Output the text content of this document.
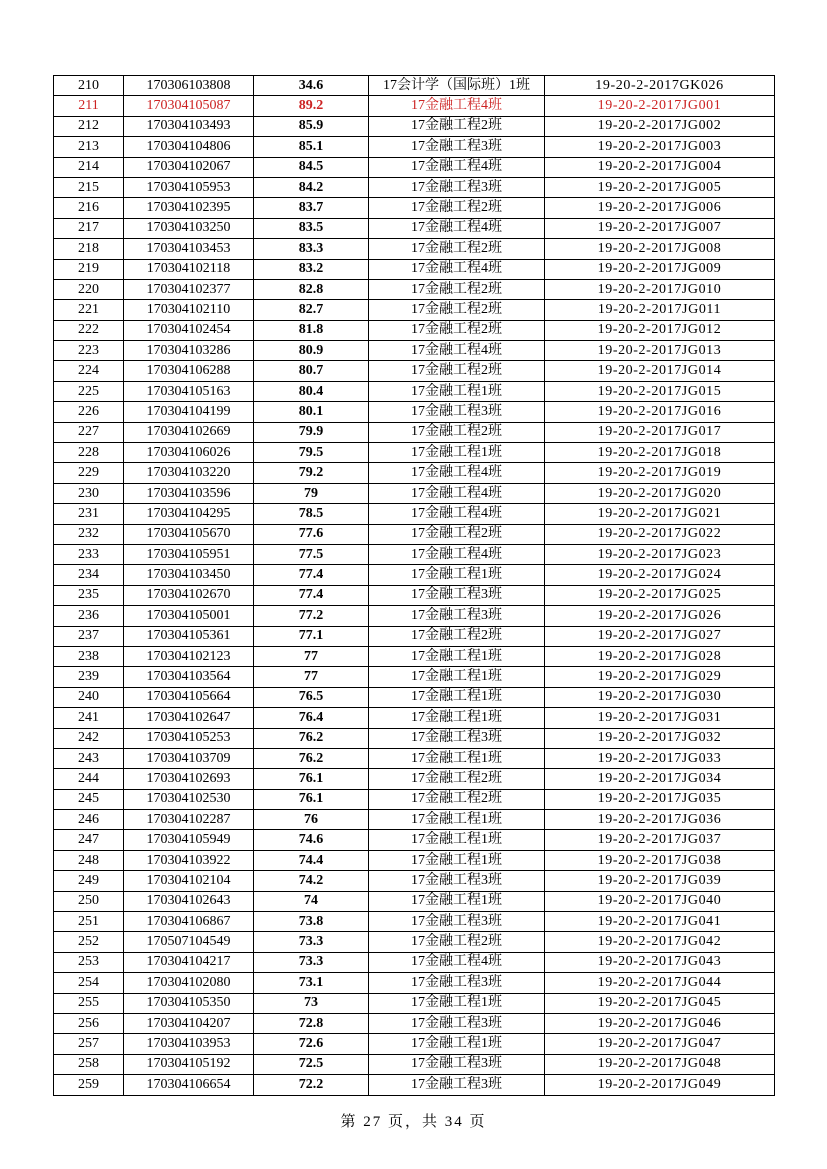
210	170306103808	34.6	17会计学（国际班）1班	19-20-2-2017GK026
211	170304105087	89.2	17金融工程4班	19-20-2-2017JG001
212	170304103493	85.9	17金融工程2班	19-20-2-2017JG002
213	170304104806	85.1	17金融工程3班	19-20-2-2017JG003
214	170304102067	84.5	17金融工程4班	19-20-2-2017JG004
215	170304105953	84.2	17金融工程3班	19-20-2-2017JG005
216	170304102395	83.7	17金融工程2班	19-20-2-2017JG006
217	170304103250	83.5	17金融工程4班	19-20-2-2017JG007
218	170304103453	83.3	17金融工程2班	19-20-2-2017JG008
219	170304102118	83.2	17金融工程4班	19-20-2-2017JG009
220	170304102377	82.8	17金融工程2班	19-20-2-2017JG010
221	170304102110	82.7	17金融工程2班	19-20-2-2017JG011
222	170304102454	81.8	17金融工程2班	19-20-2-2017JG012
223	170304103286	80.9	17金融工程4班	19-20-2-2017JG013
224	170304106288	80.7	17金融工程2班	19-20-2-2017JG014
225	170304105163	80.4	17金融工程1班	19-20-2-2017JG015
226	170304104199	80.1	17金融工程3班	19-20-2-2017JG016
227	170304102669	79.9	17金融工程2班	19-20-2-2017JG017
228	170304106026	79.5	17金融工程1班	19-20-2-2017JG018
229	170304103220	79.2	17金融工程4班	19-20-2-2017JG019
230	170304103596	79	17金融工程4班	19-20-2-2017JG020
231	170304104295	78.5	17金融工程4班	19-20-2-2017JG021
232	170304105670	77.6	17金融工程2班	19-20-2-2017JG022
233	170304105951	77.5	17金融工程4班	19-20-2-2017JG023
234	170304103450	77.4	17金融工程1班	19-20-2-2017JG024
235	170304102670	77.4	17金融工程3班	19-20-2-2017JG025
236	170304105001	77.2	17金融工程3班	19-20-2-2017JG026
237	170304105361	77.1	17金融工程2班	19-20-2-2017JG027
238	170304102123	77	17金融工程1班	19-20-2-2017JG028
239	170304103564	77	17金融工程1班	19-20-2-2017JG029
240	170304105664	76.5	17金融工程1班	19-20-2-2017JG030
241	170304102647	76.4	17金融工程1班	19-20-2-2017JG031
242	170304105253	76.2	17金融工程3班	19-20-2-2017JG032
243	170304103709	76.2	17金融工程1班	19-20-2-2017JG033
244	170304102693	76.1	17金融工程2班	19-20-2-2017JG034
245	170304102530	76.1	17金融工程2班	19-20-2-2017JG035
246	170304102287	76	17金融工程1班	19-20-2-2017JG036
247	170304105949	74.6	17金融工程1班	19-20-2-2017JG037
248	170304103922	74.4	17金融工程1班	19-20-2-2017JG038
249	170304102104	74.2	17金融工程3班	19-20-2-2017JG039
250	170304102643	74	17金融工程1班	19-20-2-2017JG040
251	170304106867	73.8	17金融工程3班	19-20-2-2017JG041
252	170507104549	73.3	17金融工程2班	19-20-2-2017JG042
253	170304104217	73.3	17金融工程4班	19-20-2-2017JG043
254	170304102080	73.1	17金融工程3班	19-20-2-2017JG044
255	170304105350	73	17金融工程1班	19-20-2-2017JG045
256	170304104207	72.8	17金融工程3班	19-20-2-2017JG046
257	170304103953	72.6	17金融工程1班	19-20-2-2017JG047
258	170304105192	72.5	17金融工程3班	19-20-2-2017JG048
259	170304106654	72.2	17金融工程3班	19-20-2-2017JG049
第 27 页，共 34 页
